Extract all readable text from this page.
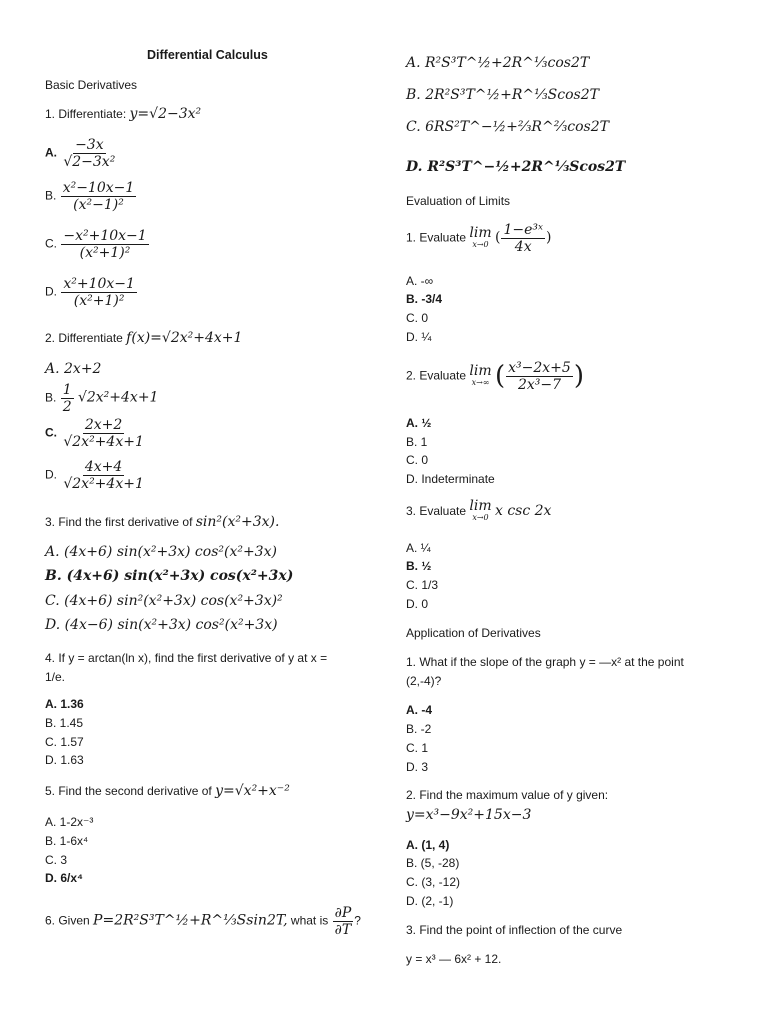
Differential Calculus
Basic Derivatives
1. Differentiate: y=√2−3x²
A. $\frac{-3x}{\text{√2−3x²}}$
B. $\frac{\text{x²−10x−1}}{\text{(x²−1)²}}$
C. $\frac{\text{−x²+10x−1}}{\text{(x²+1)²}}$
D. $\frac{\text{x²+10x−1}}{\text{(x²+1)²}}$
2. Differentiate f(x)=√2x²+4x+1
A. 2x+2
B. $\frac{1}{2} √2x^2+4x+1$
C. $\frac{2x+2}{\text{√2x²+4x+1}}$
D. $\frac{4x+4}{\text{√2x²+4x+1}}$
3. Find the first derivative of sin²(x²+3x).
A. (4x+6) sin(x²+3x) cos²(x²+3x)
B. (4x+6) sin(x²+3x) cos(x²+3x)
C. (4x+6) sin²(x²+3x) cos(x²+3x)²
D. (4x−6) sin(x²+3x) cos²(x²+3x)
4. If y = arctan(ln x), find the first derivative of y at x =
1/e.
A. 1.36
B. 1.45
C. 1.57
D. 1.63
5. Find the second derivative of y=√x²+x⁻²
A. 1-2x⁻³
B. 1-6x⁴
C. 3
D. 6/x⁴
6. Given P=2R²S³T^½+R^⅓Ssin2T, what is $\frac{\partial P}{\partial T}$ ?
A. R²S³T^½+2R^⅓cos2T
B. 2R²S³T^½+R^⅓Scos2T
C. 6RS²T^−½+⅔R^⅔cos2T
D. R²S³T^−½+2R^⅓Scos2T
Evaluation of Limits
1. Evaluate lim
x→0 ( $\frac{\text{1−e³ˣ}}{4x}$ )
A. -∞
B. -3/4
C. 0
D. ¼
2. Evaluate lim
x→∞ ( $\frac{\text{x³−2x+5}}{\text{2x³−7}}$ )
A. ½
B. 1
C. 0
D. Indeterminate
3. Evaluate lim
x→0 x csc 2x
A. ¼
B. ½
C. 1/3
D. 0
Application of Derivatives
1. What if the slope of the graph y = —x² at the point
(2,-4)?
A. -4
B. -2
C. 1
D. 3
2. Find the maximum value of y given:
y=x³−9x²+15x−3
A. (1, 4)
B. (5, -28)
C. (3, -12)
D. (2, -1)
3. Find the point of inflection of the curve
y = x³ — 6x² + 12.
